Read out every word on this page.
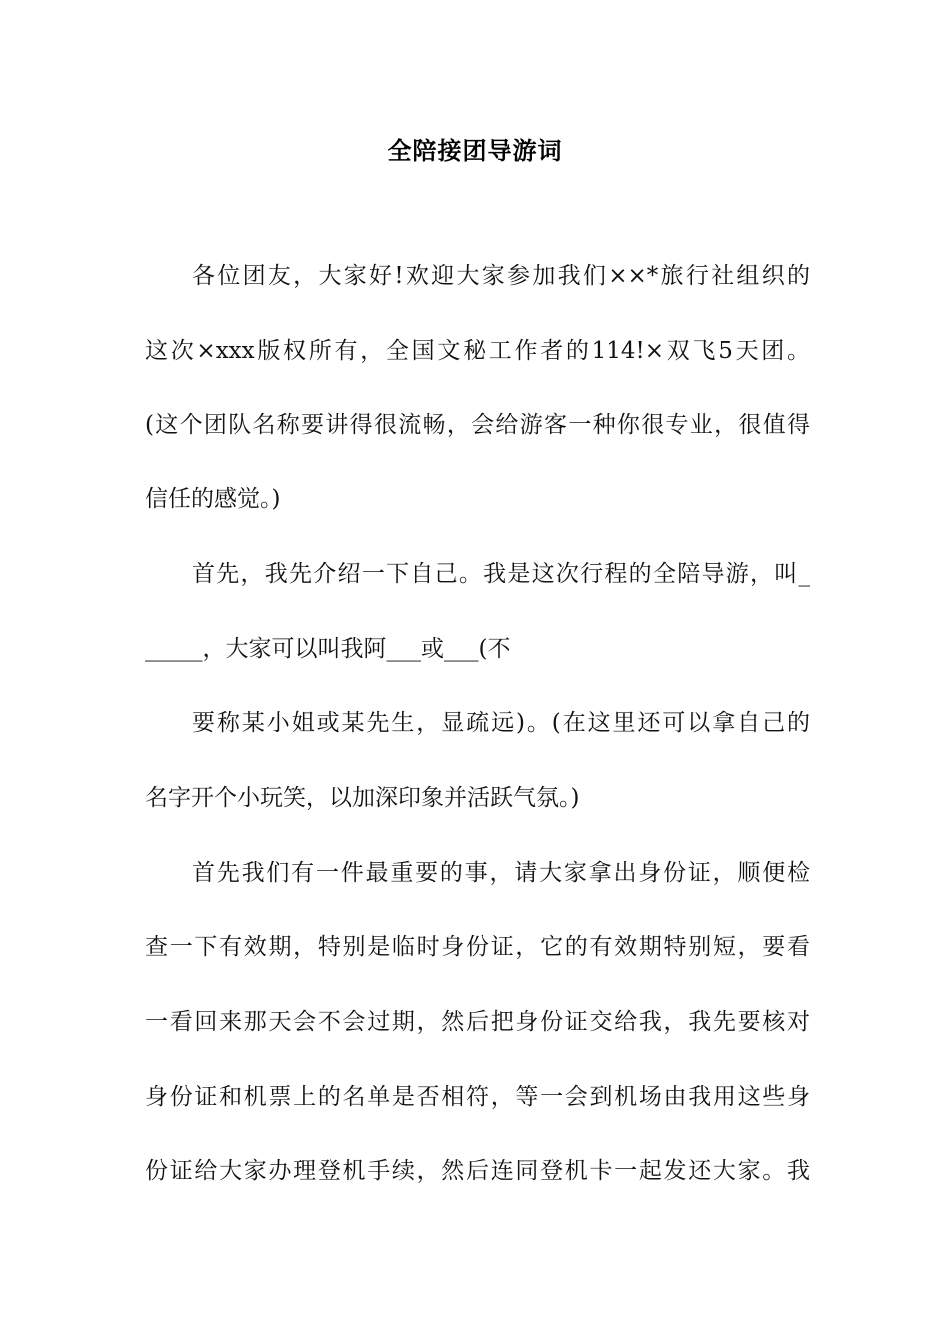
全陪接团导游词
各位团友，大家好!欢迎大家参加我们××*旅行社组织的
这次×xxx版权所有，全国文秘工作者的114!×双飞5天团。
(这个团队名称要讲得很流畅，会给游客一种你很专业，很值得
信任的感觉。)
首先，我先介绍一下自己。我是这次行程的全陪导游，叫_
_____，大家可以叫我阿___或___(不
要称某小姐或某先生，显疏远)。(在这里还可以拿自己的
名字开个小玩笑，以加深印象并活跃气氛。)
首先我们有一件最重要的事，请大家拿出身份证，顺便检
查一下有效期，特别是临时身份证，它的有效期特别短，要看
一看回来那天会不会过期，然后把身份证交给我，我先要核对
身份证和机票上的名单是否相符，等一会到机场由我用这些身
份证给大家办理登机手续，然后连同登机卡一起发还大家。我
